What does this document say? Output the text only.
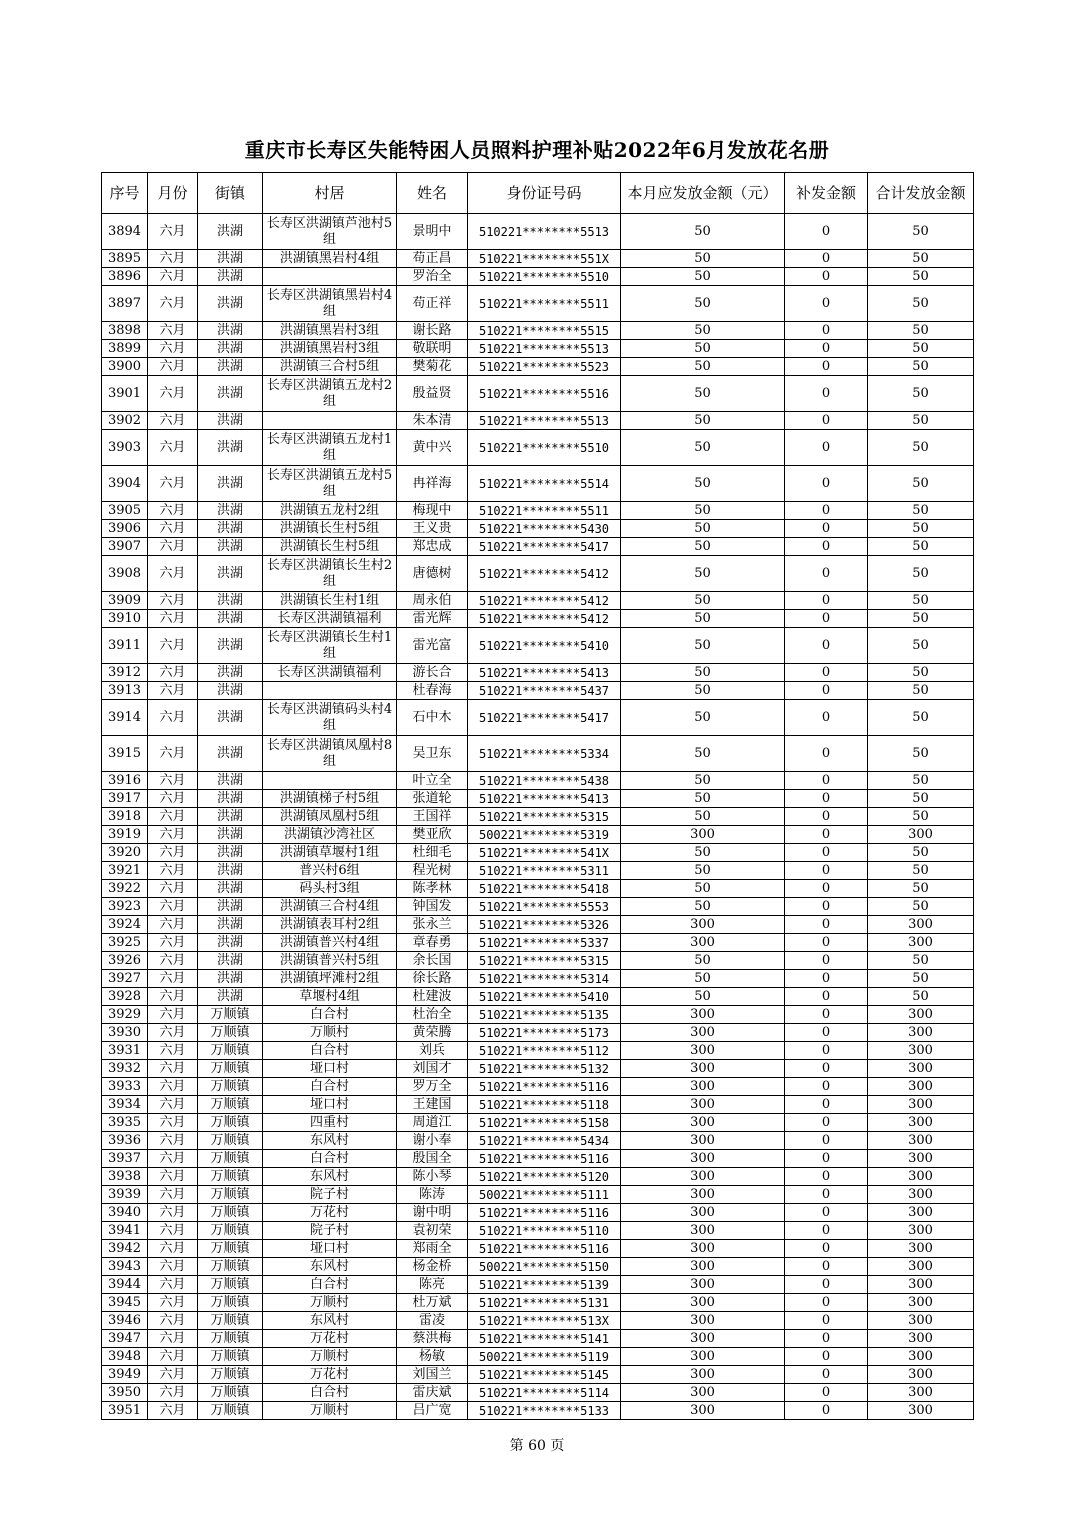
重庆市长寿区失能特困人员照料护理补贴2022年6月发放花名册
序号	月份	街镇	村居	姓名	身份证号码	本月应发放金额（元）	补发金额	合计发放金额
3894	六月	洪湖	长寿区洪湖镇芦池村5组	景明中	510221********5513	50	0	50
3895	六月	洪湖	洪湖镇黑岩村4组	苟正昌	510221********551X	50	0	50
3896	六月	洪湖		罗治全	510221********5510	50	0	50
3897	六月	洪湖	长寿区洪湖镇黑岩村4组	苟正祥	510221********5511	50	0	50
3898	六月	洪湖	洪湖镇黑岩村3组	谢长路	510221********5515	50	0	50
3899	六月	洪湖	洪湖镇黑岩村3组	敬联明	510221********5513	50	0	50
3900	六月	洪湖	洪湖镇三合村5组	樊菊花	510221********5523	50	0	50
3901	六月	洪湖	长寿区洪湖镇五龙村2组	殷益贤	510221********5516	50	0	50
3902	六月	洪湖		朱本清	510221********5513	50	0	50
3903	六月	洪湖	长寿区洪湖镇五龙村1组	黄中兴	510221********5510	50	0	50
3904	六月	洪湖	长寿区洪湖镇五龙村5组	冉祥海	510221********5514	50	0	50
3905	六月	洪湖	洪湖镇五龙村2组	梅现中	510221********5511	50	0	50
3906	六月	洪湖	洪湖镇长生村5组	王义贵	510221********5430	50	0	50
3907	六月	洪湖	洪湖镇长生村5组	郑忠成	510221********5417	50	0	50
3908	六月	洪湖	长寿区洪湖镇长生村2组	唐德树	510221********5412	50	0	50
3909	六月	洪湖	洪湖镇长生村1组	周永伯	510221********5412	50	0	50
3910	六月	洪湖	长寿区洪湖镇福利	雷光辉	510221********5412	50	0	50
3911	六月	洪湖	长寿区洪湖镇长生村1组	雷光富	510221********5410	50	0	50
3912	六月	洪湖	长寿区洪湖镇福利	游长合	510221********5413	50	0	50
3913	六月	洪湖		杜春海	510221********5437	50	0	50
3914	六月	洪湖	长寿区洪湖镇码头村4组	石中木	510221********5417	50	0	50
3915	六月	洪湖	长寿区洪湖镇凤凰村8组	吴卫东	510221********5334	50	0	50
3916	六月	洪湖		叶立全	510221********5438	50	0	50
3917	六月	洪湖	洪湖镇梯子村5组	张道轮	510221********5413	50	0	50
3918	六月	洪湖	洪湖镇凤凰村5组	王国祥	510221********5315	50	0	50
3919	六月	洪湖	洪湖镇沙湾社区	樊亚欣	500221********5319	300	0	300
3920	六月	洪湖	洪湖镇草堰村1组	杜细毛	510221********541X	50	0	50
3921	六月	洪湖	普兴村6组	程光树	510221********5311	50	0	50
3922	六月	洪湖	码头村3组	陈孝林	510221********5418	50	0	50
3923	六月	洪湖	洪湖镇三合村4组	钟国发	510221********5553	50	0	50
3924	六月	洪湖	洪湖镇表耳村2组	张永兰	510221********5326	300	0	300
3925	六月	洪湖	洪湖镇普兴村4组	章春勇	510221********5337	300	0	300
3926	六月	洪湖	洪湖镇普兴村5组	余长国	510221********5315	50	0	50
3927	六月	洪湖	洪湖镇坪滩村2组	徐长路	510221********5314	50	0	50
3928	六月	洪湖	草堰村4组	杜建波	510221********5410	50	0	50
3929	六月	万顺镇	白合村	杜治全	510221********5135	300	0	300
3930	六月	万顺镇	万顺村	黄荣腾	510221********5173	300	0	300
3931	六月	万顺镇	白合村	刘兵	510221********5112	300	0	300
3932	六月	万顺镇	垭口村	刘国才	510221********5132	300	0	300
3933	六月	万顺镇	白合村	罗万全	510221********5116	300	0	300
3934	六月	万顺镇	垭口村	王建国	510221********5118	300	0	300
3935	六月	万顺镇	四重村	周道江	510221********5158	300	0	300
3936	六月	万顺镇	东风村	谢小奉	510221********5434	300	0	300
3937	六月	万顺镇	白合村	殷国全	510221********5116	300	0	300
3938	六月	万顺镇	东风村	陈小琴	510221********5120	300	0	300
3939	六月	万顺镇	院子村	陈涛	500221********5111	300	0	300
3940	六月	万顺镇	万花村	谢中明	510221********5116	300	0	300
3941	六月	万顺镇	院子村	袁初荣	510221********5110	300	0	300
3942	六月	万顺镇	垭口村	郑雨全	510221********5116	300	0	300
3943	六月	万顺镇	东风村	杨金桥	500221********5150	300	0	300
3944	六月	万顺镇	白合村	陈亮	510221********5139	300	0	300
3945	六月	万顺镇	万顺村	杜万斌	510221********5131	300	0	300
3946	六月	万顺镇	东风村	雷凌	510221********513X	300	0	300
3947	六月	万顺镇	万花村	蔡洪梅	510221********5141	300	0	300
3948	六月	万顺镇	万顺村	杨敏	500221********5119	300	0	300
3949	六月	万顺镇	万花村	刘国兰	510221********5145	300	0	300
3950	六月	万顺镇	白合村	雷庆斌	510221********5114	300	0	300
3951	六月	万顺镇	万顺村	吕广宽	510221********5133	300	0	300
第 60 页
